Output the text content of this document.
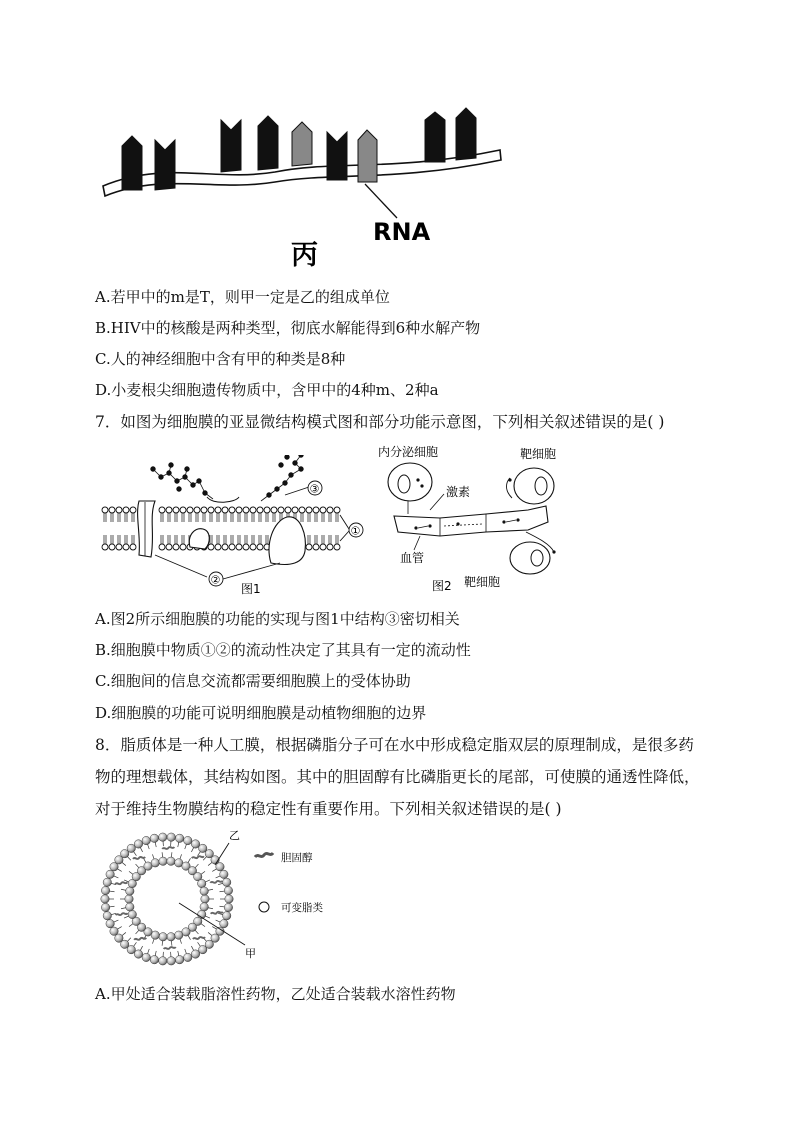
RNA
丙
A.若甲中的m是T，则甲一定是乙的组成单位
B.HIV中的核酸是两种类型，彻底水解能得到6种水解产物
C.人的神经细胞中含有甲的种类是8种
D.小麦根尖细胞遗传物质中，含甲中的4种m、2种a
7．如图为细胞膜的亚显微结构模式图和部分功能示意图，下列相关叙述错误的是( )
③
①
②
图1
内分泌细胞
激素
靶细胞
血管
图2 靶细胞
A.图2所示细胞膜的功能的实现与图1中结构③密切相关
B.细胞膜中物质①②的流动性决定了其具有一定的流动性
C.细胞间的信息交流都需要细胞膜上的受体协助
D.细胞膜的功能可说明细胞膜是动植物细胞的边界
8．脂质体是一种人工膜，根据磷脂分子可在水中形成稳定脂双层的原理制成，是很多药物的理想载体，其结构如图。其中的胆固醇有比磷脂更长的尾部，可使膜的通透性降低，对于维持生物膜结构的稳定性有重要作用。下列相关叙述错误的是( )
乙
甲
胆固醇
可变脂类
A.甲处适合装载脂溶性药物，乙处适合装载水溶性药物
